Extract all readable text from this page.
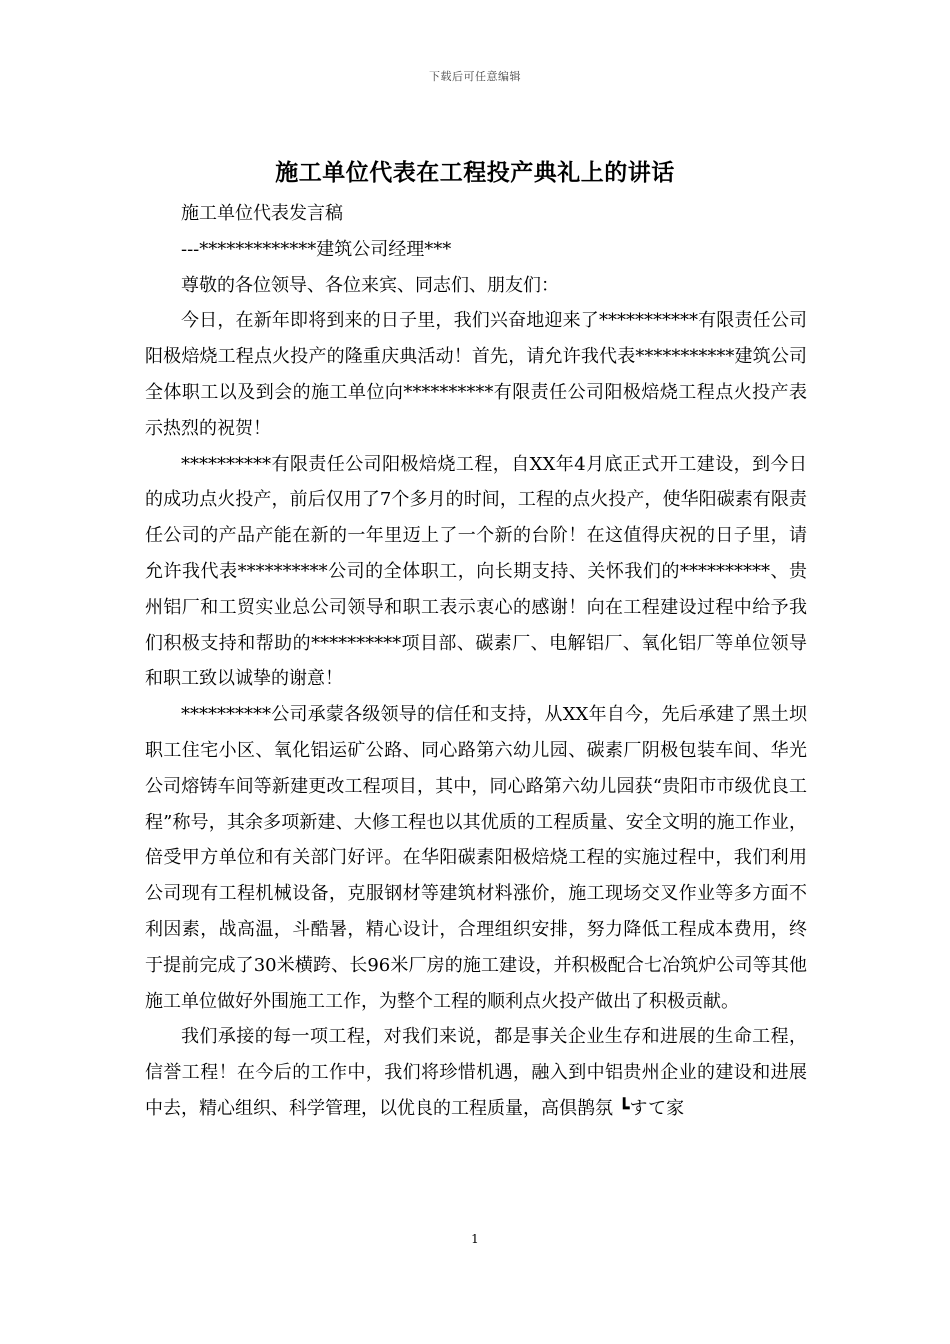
下载后可任意编辑
施工单位代表在工程投产典礼上的讲话

施工单位代表发言稿

---*************建筑公司经理***

尊敬的各位领导、各位来宾、同志们、朋友们：

今日，在新年即将到来的日子里，我们兴奋地迎来了***********有限责任公司阳极焙烧工程点火投产的隆重庆典活动！首先，请允许我代表***********建筑公司全体职工以及到会的施工单位向**********有限责任公司阳极焙烧工程点火投产表示热烈的祝贺！

**********有限责任公司阳极焙烧工程，自XX年4月底正式开工建设，到今日的成功点火投产，前后仅用了7个多月的时间，工程的点火投产，使华阳碳素有限责任公司的产品产能在新的一年里迈上了一个新的台阶！在这值得庆祝的日子里，请允许我代表**********公司的全体职工，向长期支持、关怀我们的**********、贵州铝厂和工贸实业总公司领导和职工表示衷心的感谢！向在工程建设过程中给予我们积极支持和帮助的**********项目部、碳素厂、电解铝厂、氧化铝厂等单位领导和职工致以诚挚的谢意！

**********公司承蒙各级领导的信任和支持，从XX年自今，先后承建了黑土坝职工住宅小区、氧化铝运矿公路、同心路第六幼儿园、碳素厂阴极包装车间、华光公司熔铸车间等新建更改工程项目，其中，同心路第六幼儿园获“贵阳市市级优良工程”称号，其余多项新建、大修工程也以其优质的工程质量、安全文明的施工作业，倍受甲方单位和有关部门好评。在华阳碳素阳极焙烧工程的实施过程中，我们利用公司现有工程机械设备，克服钢材等建筑材料涨价，施工现场交叉作业等多方面不利因素，战高温，斗酷暑，精心设计，合理组织安排，努力降低工程成本费用，终于提前完成了30米横跨、长96米厂房的施工建设，并积极配合七冶筑炉公司等其他施工单位做好外围施工工作，为整个工程的顺利点火投产做出了积极贡献。

我们承接的每一项工程，对我们来说，都是事关企业生存和进展的生命工程，信誉工程！在今后的工作中，我们将珍惜机遇，融入到中铝贵州企业的建设和进展中去，精心组织、科学管理，以优良的工程质量，高倶鹊氛 ┗すて家

1
